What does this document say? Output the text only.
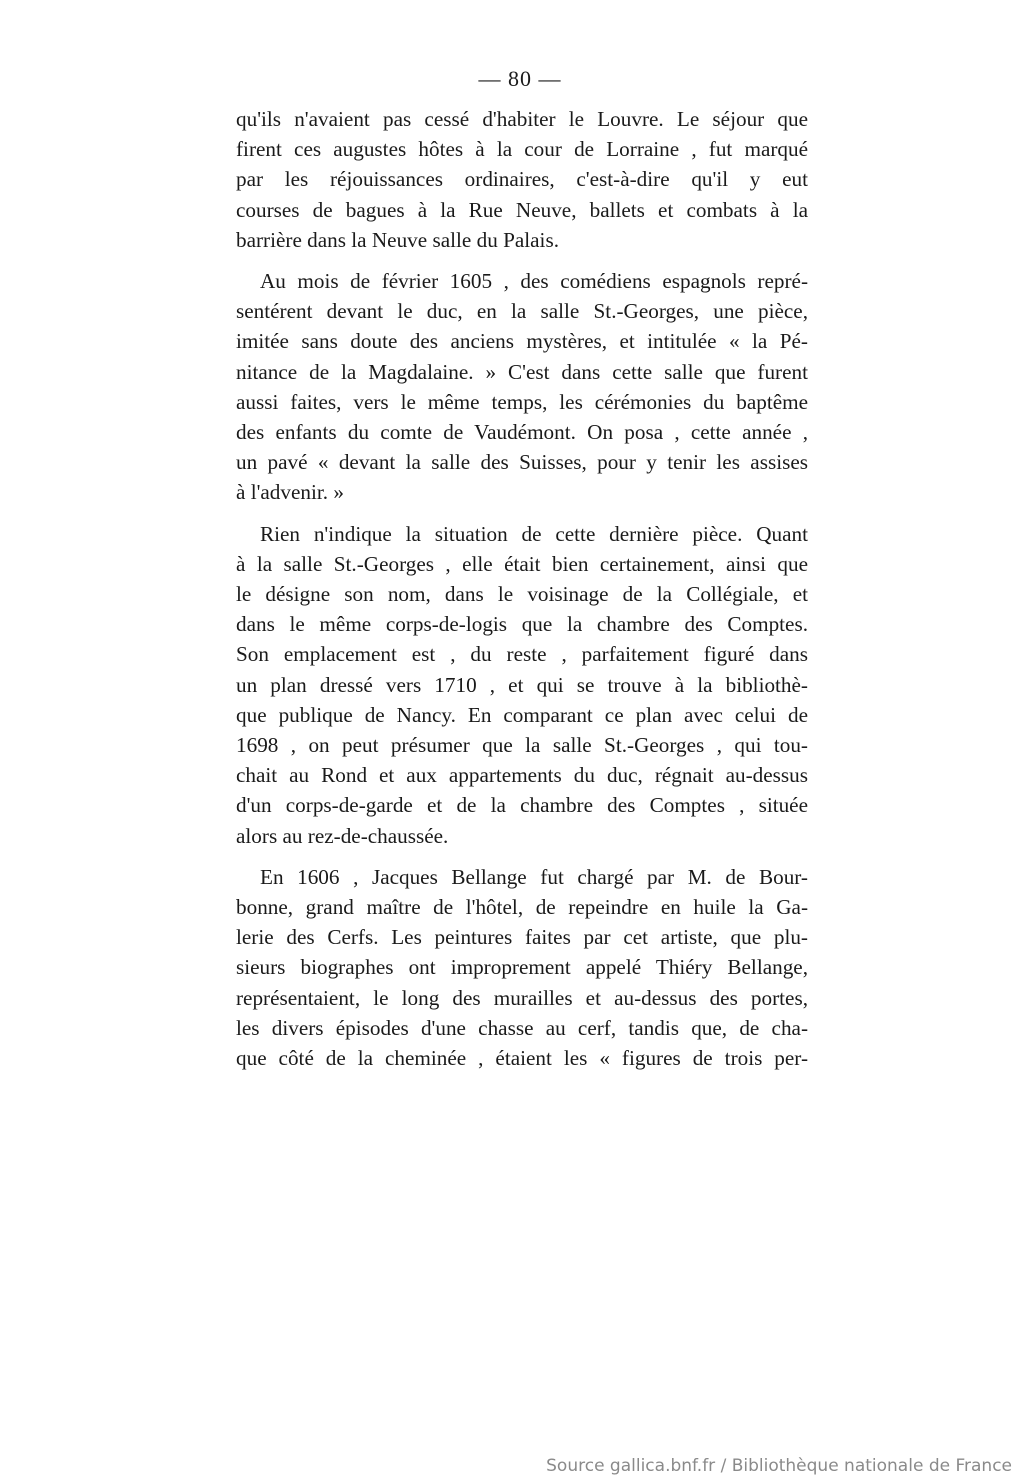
— 80 —
qu'ils n'avaient pas cessé d'habiter le Louvre. Le séjour que
firent ces augustes hôtes à la cour de Lorraine , fut marqué
par les réjouissances ordinaires, c'est-à-dire qu'il y eut
courses de bagues à la Rue Neuve, ballets et combats à la
barrière dans la Neuve salle du Palais.
Au mois de février 1605 , des comédiens espagnols repré-
sentérent devant le duc, en la salle St.-Georges, une pièce,
imitée sans doute des anciens mystères, et intitulée « la Pé-
nitance de la Magdalaine. » C'est dans cette salle que furent
aussi faites, vers le même temps, les cérémonies du baptême
des enfants du comte de Vaudémont. On posa , cette année ,
un pavé « devant la salle des Suisses, pour y tenir les assises
à l'advenir. »
Rien n'indique la situation de cette dernière pièce. Quant
à la salle St.-Georges , elle était bien certainement, ainsi que
le désigne son nom, dans le voisinage de la Collégiale, et
dans le même corps-de-logis que la chambre des Comptes.
Son emplacement est , du reste , parfaitement figuré dans
un plan dressé vers 1710 , et qui se trouve à la bibliothè-
que publique de Nancy. En comparant ce plan avec celui de
1698 , on peut présumer que la salle St.-Georges , qui tou-
chait au Rond et aux appartements du duc, régnait au-dessus
d'un corps-de-garde et de la chambre des Comptes , située
alors au rez-de-chaussée.
En 1606 , Jacques Bellange fut chargé par M. de Bour-
bonne, grand maître de l'hôtel, de repeindre en huile la Ga-
lerie des Cerfs. Les peintures faites par cet artiste, que plu-
sieurs biographes ont improprement appelé Thiéry Bellange,
représentaient, le long des murailles et au-dessus des portes,
les divers épisodes d'une chasse au cerf, tandis que, de cha-
que côté de la cheminée , étaient les « figures de trois per-
Source gallica.bnf.fr / Bibliothèque nationale de France
